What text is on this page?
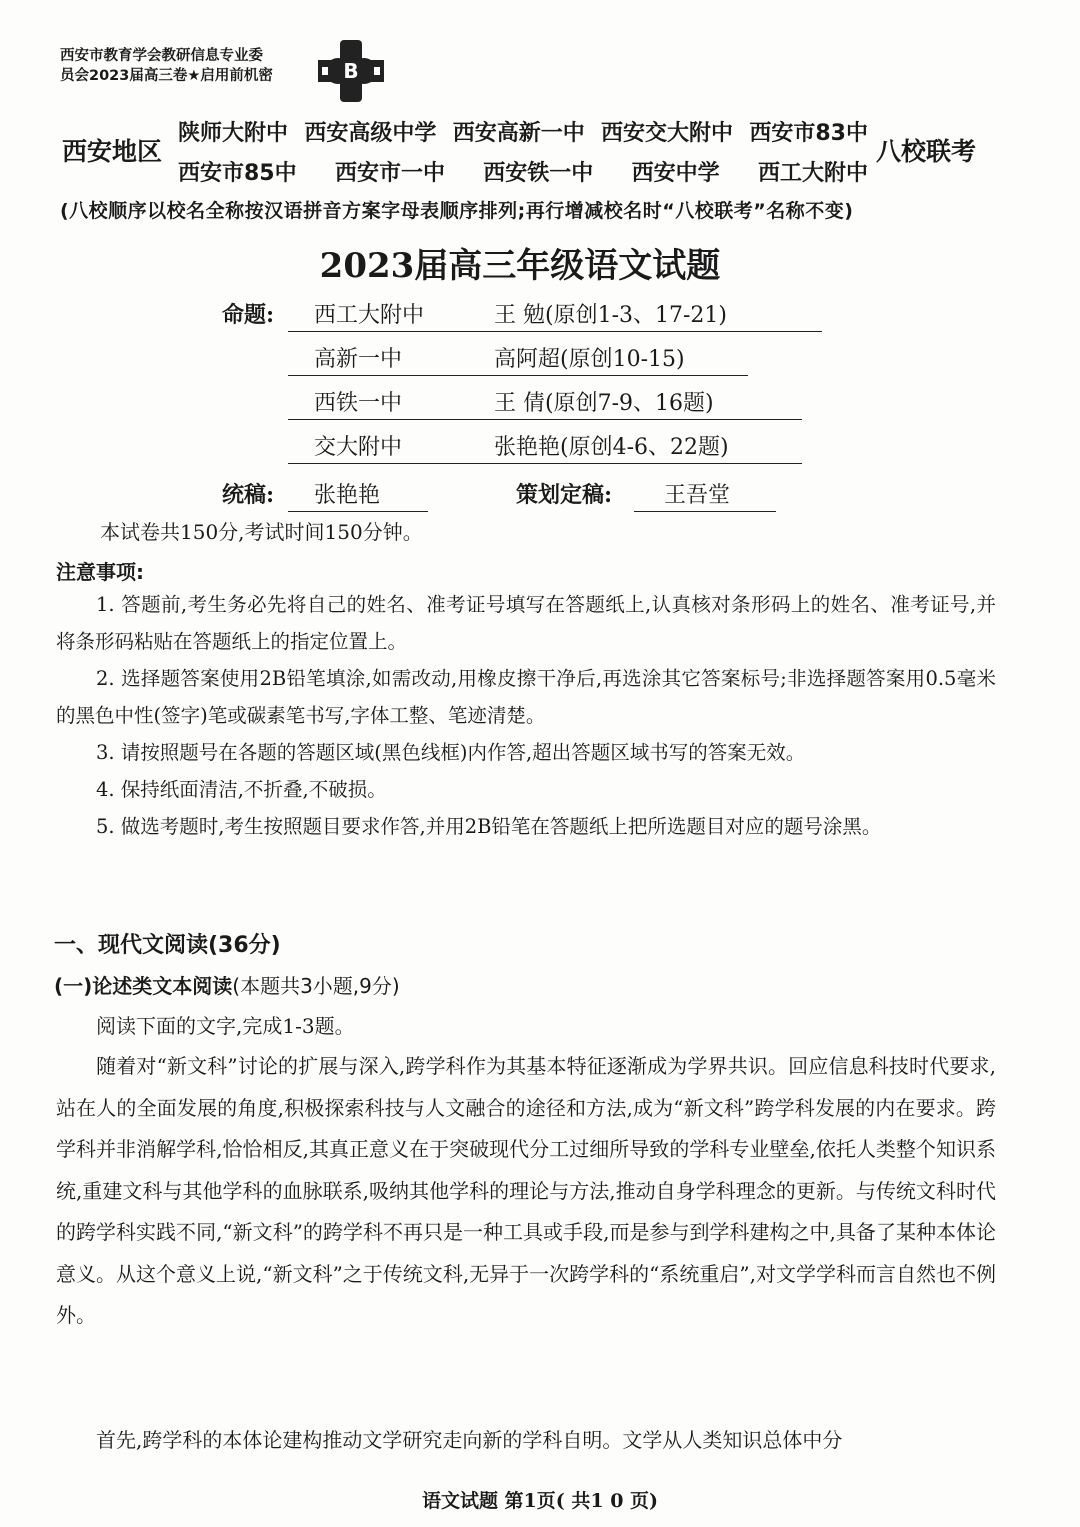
西安市教育学会教研信息专业委
员会2023届高三卷★启用前机密	B
西安地区
陕师大附中 西安高级中学 西安高新一中 西安交大附中 西安市83中
西安市85中 西安市一中 西安铁一中 西安中学 西工大附中
八校联考
(八校顺序以校名全称按汉语拼音方案字母表顺序排列;再行增减校名时“八校联考”名称不变)
2023届高三年级语文试题
命题:	西工大附中	王 勉(原创1-3、17-21)
高新一中	高阿超(原创10-15)
西铁一中	王 倩(原创7-9、16题)
交大附中	张艳艳(原创4-6、22题)
统稿:	张艳艳	策划定稿:	王吾堂
本试卷共150分,考试时间150分钟。
注意事项:
1. 答题前,考生务必先将自己的姓名、准考证号填写在答题纸上,认真核对条形码上的姓名、准考证号,并将条形码粘贴在答题纸上的指定位置上。
2. 选择题答案使用2B铅笔填涂,如需改动,用橡皮擦干净后,再选涂其它答案标号;非选择题答案用0.5毫米的黑色中性(签字)笔或碳素笔书写,字体工整、笔迹清楚。
3. 请按照题号在各题的答题区域(黑色线框)内作答,超出答题区域书写的答案无效。
4. 保持纸面清洁,不折叠,不破损。
5. 做选考题时,考生按照题目要求作答,并用2B铅笔在答题纸上把所选题目对应的题号涂黑。
一、现代文阅读(36分)
(一)论述类文本阅读(本题共3小题,9分)
阅读下面的文字,完成1-3题。
随着对“新文科”讨论的扩展与深入,跨学科作为其基本特征逐渐成为学界共识。回应信息科技时代要求,站在人的全面发展的角度,积极探索科技与人文融合的途径和方法,成为“新文科”跨学科发展的内在要求。跨学科并非消解学科,恰恰相反,其真正意义在于突破现代分工过细所导致的学科专业壁垒,依托人类整个知识系统,重建文科与其他学科的血脉联系,吸纳其他学科的理论与方法,推动自身学科理念的更新。与传统文科时代的跨学科实践不同,“新文科”的跨学科不再只是一种工具或手段,而是参与到学科建构之中,具备了某种本体论意义。从这个意义上说,“新文科”之于传统文科,无异于一次跨学科的“系统重启”,对文学学科而言自然也不例外。
首先,跨学科的本体论建构推动文学研究走向新的学科自明。文学从人类知识总体中分
语文试题 第1页( 共1 0 页)
